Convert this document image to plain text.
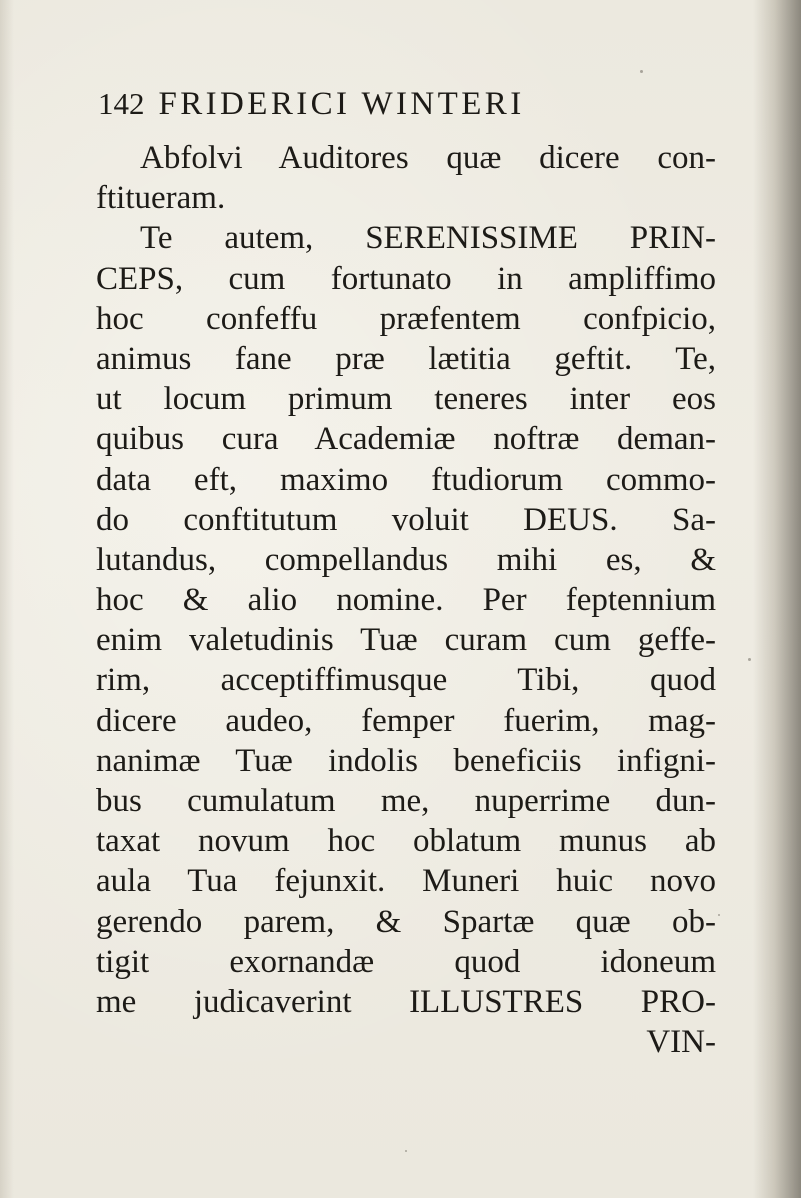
142 FRIDERICI WINTERI
Abfolvi Auditores quæ dicere con-
ftitueram.
Te autem, SERENISSIME PRIN-
CEPS, cum fortunato in ampliffimo
hoc confeffu præfentem confpicio,
animus fane præ lætitia geftit. Te,
ut locum primum teneres inter eos
quibus cura Academiæ noftræ deman-
data eft, maximo ftudiorum commo-
do conftitutum voluit DEUS. Sa-
lutandus, compellandus mihi es, &
hoc & alio nomine. Per feptennium
enim valetudinis Tuæ curam cum geffe-
rim, acceptiffimusque Tibi, quod
dicere audeo, femper fuerim, mag-
nanimæ Tuæ indolis beneficiis infigni-
bus cumulatum me, nuperrime dun-
taxat novum hoc oblatum munus ab
aula Tua fejunxit. Muneri huic novo
gerendo parem, & Spartæ quæ ob-
tigit exornandæ quod idoneum
me judicaverint ILLUSTRES PRO-
VIN-
